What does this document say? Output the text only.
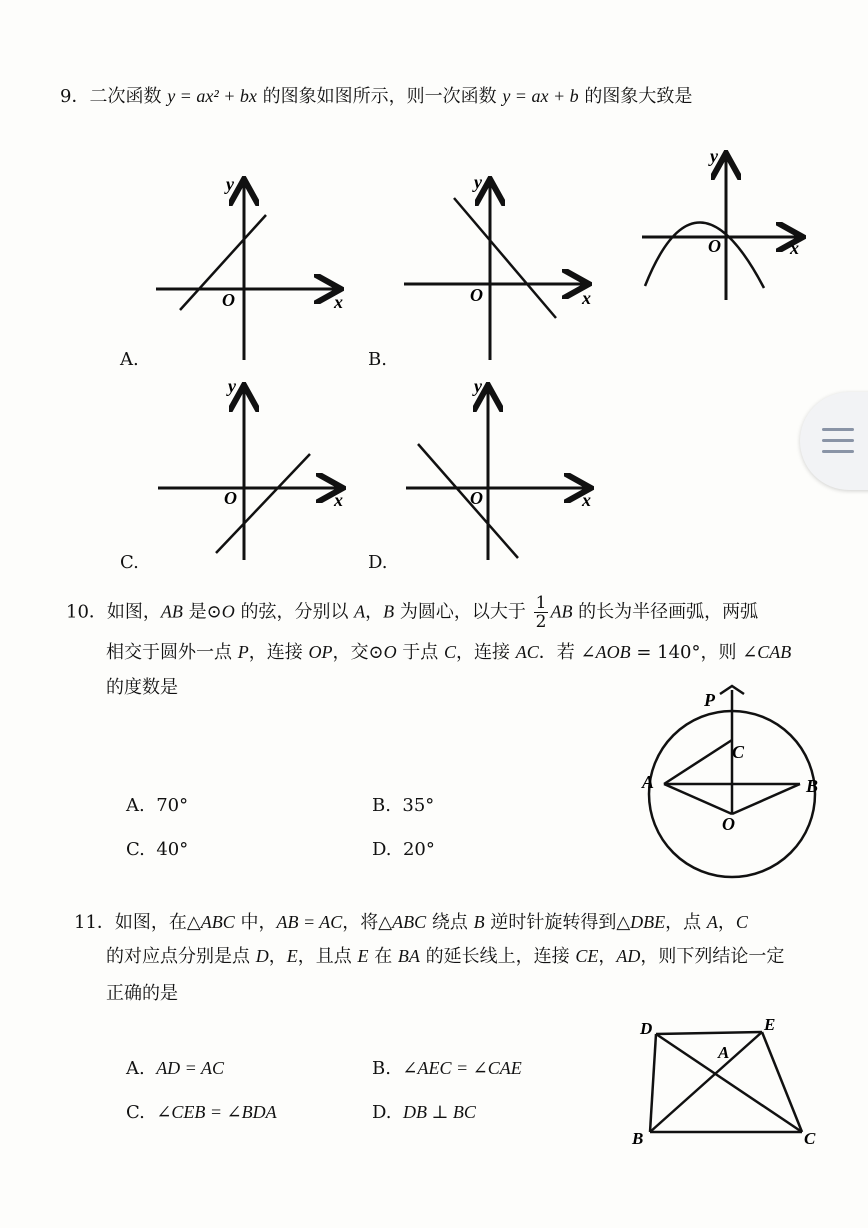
9．二次函数 y = ax² + bx 的图象如图所示，则一次函数 y = ax + b 的图象大致是
y
O	x
A.
y
O	x
B.
y
O	x
y
O	x
C.
y
O	x
D.
10．如图，AB 是⊙O 的弦，分别以 A，B 为圆心，以大于 $\frac{1}{2}$ AB 的长为半径画弧，两弧
相交于圆外一点 P，连接 OP，交⊙O 于点 C，连接 AC．若 ∠AOB = 140°，则 ∠CAB
的度数是
A. 70°	B. 35°
C. 40°	D. 20°
P
C
A	B
O
11．如图，在△ABC 中，AB = AC，将△ABC 绕点 B 逆时针旋转得到△DBE，点 A，C
的对应点分别是点 D，E，且点 E 在 BA 的延长线上，连接 CE，AD，则下列结论一定
正确的是
A. AD = AC	B. ∠AEC = ∠CAE
C. ∠CEB = ∠BDA	D. DB ⊥ BC
D	E
A
B	C
